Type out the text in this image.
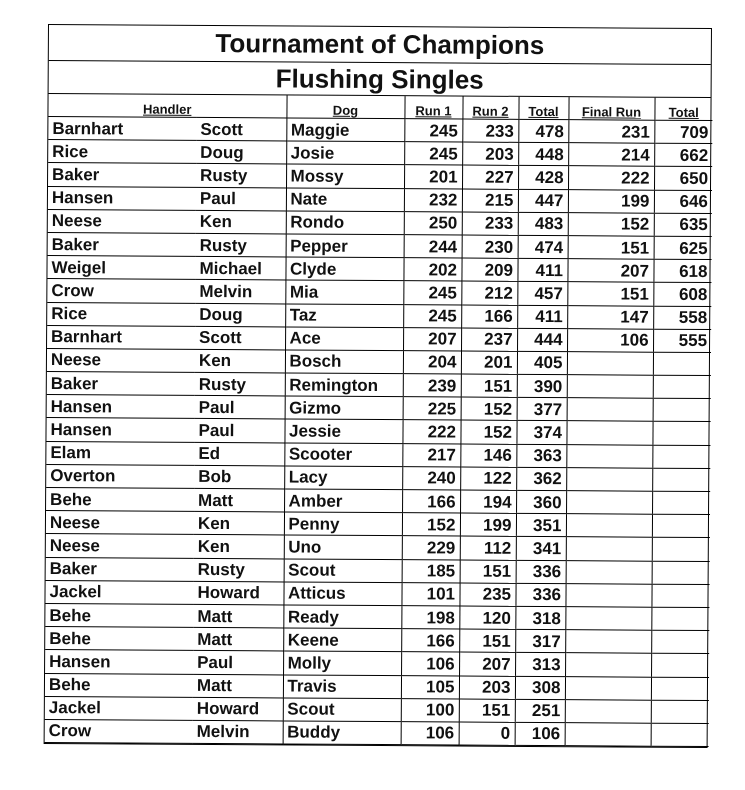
Tournament of Champions
Flushing Singles
Handler		Dog	Run 1	Run 2	Total	Final Run	Total
Barnhart	Scott	Maggie	245	233	478	231	709
Rice	Doug	Josie	245	203	448	214	662
Baker	Rusty	Mossy	201	227	428	222	650
Hansen	Paul	Nate	232	215	447	199	646
Neese	Ken	Rondo	250	233	483	152	635
Baker	Rusty	Pepper	244	230	474	151	625
Weigel	Michael	Clyde	202	209	411	207	618
Crow	Melvin	Mia	245	212	457	151	608
Rice	Doug	Taz	245	166	411	147	558
Barnhart	Scott	Ace	207	237	444	106	555
Neese	Ken	Bosch	204	201	405		
Baker	Rusty	Remington	239	151	390		
Hansen	Paul	Gizmo	225	152	377		
Hansen	Paul	Jessie	222	152	374		
Elam	Ed	Scooter	217	146	363		
Overton	Bob	Lacy	240	122	362		
Behe	Matt	Amber	166	194	360		
Neese	Ken	Penny	152	199	351		
Neese	Ken	Uno	229	112	341		
Baker	Rusty	Scout	185	151	336		
Jackel	Howard	Atticus	101	235	336		
Behe	Matt	Ready	198	120	318		
Behe	Matt	Keene	166	151	317		
Hansen	Paul	Molly	106	207	313		
Behe	Matt	Travis	105	203	308		
Jackel	Howard	Scout	100	151	251		
Crow	Melvin	Buddy	106	0	106		
